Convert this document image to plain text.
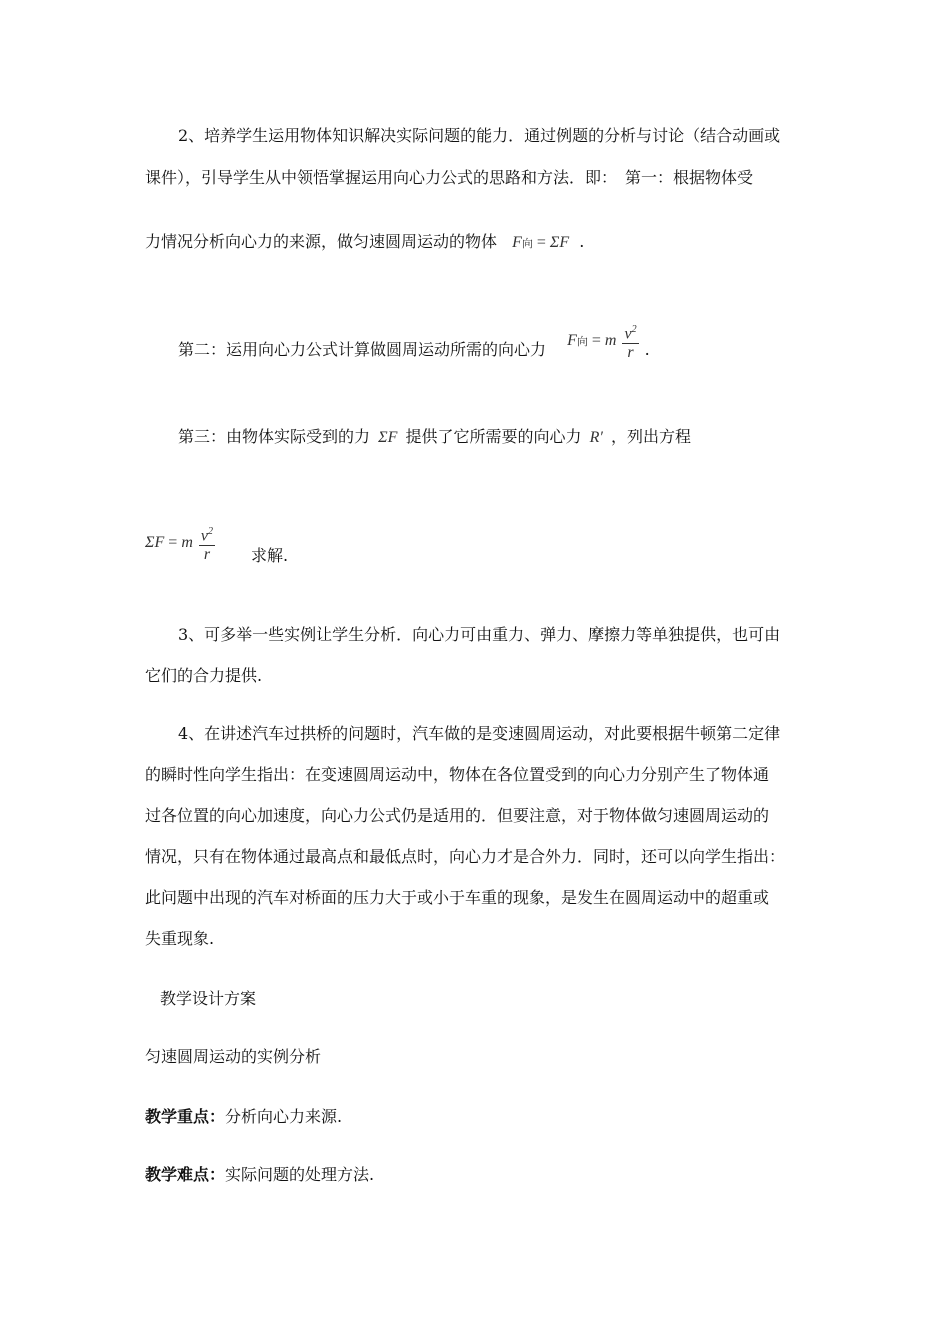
2、培养学生运用物体知识解决实际问题的能力．通过例题的分析与讨论（结合动画或
课件），引导学生从中领悟掌握运用向心力公式的思路和方法．即：　第一：根据物体受
力情况分析向心力的来源，做匀速圆周运动的物体 F向 = ΣF .
第二：运用向心力公式计算做圆周运动所需的向心力 F向 = m $\frac{v^2}{r}$ .
第三：由物体实际受到的力 ΣF 提供了它所需要的向心力 R′ ，列出方程
ΣF = m $\frac{v^2}{r}$ 求解.
3、可多举一些实例让学生分析．向心力可由重力、弹力、摩擦力等单独提供，也可由
它们的合力提供.
4、在讲述汽车过拱桥的问题时，汽车做的是变速圆周运动，对此要根据牛顿第二定律
的瞬时性向学生指出：在变速圆周运动中，物体在各位置受到的向心力分别产生了物体通
过各位置的向心加速度，向心力公式仍是适用的．但要注意，对于物体做匀速圆周运动的
情况，只有在物体通过最高点和最低点时，向心力才是合外力．同时，还可以向学生指出：
此问题中出现的汽车对桥面的压力大于或小于车重的现象，是发生在圆周运动中的超重或
失重现象.
教学设计方案
匀速圆周运动的实例分析
教学重点：分析向心力来源.
教学难点：实际问题的处理方法.
